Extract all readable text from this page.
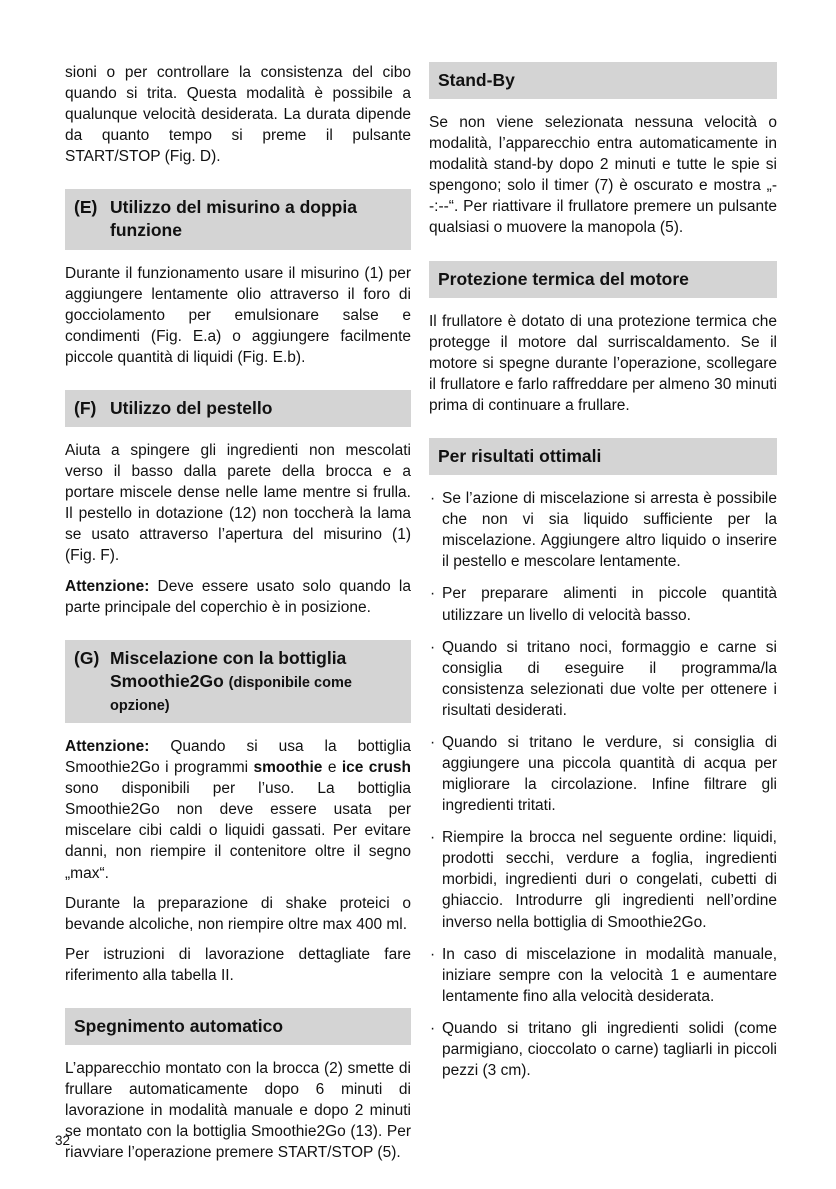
sioni o per controllare la consistenza del cibo quando si trita. Questa modalità è possibile a qualunque velocità desiderata. La durata dipende da quanto tempo si preme il pulsante START/STOP (Fig. D).

(E) Utilizzo del misurino a doppia funzione

Durante il funzionamento usare il misurino (1) per aggiungere lentamente olio attraverso il foro di gocciolamento per emulsionare salse e condimenti (Fig. E.a) o aggiungere facilmente piccole quantità di liquidi (Fig. E.b).

(F) Utilizzo del pestello

Aiuta a spingere gli ingredienti non mescolati verso il basso dalla parete della brocca e a portare miscele dense nelle lame mentre si frulla. Il pestello in dotazione (12) non toccherà la lama se usato attraverso l’apertura del misurino (1) (Fig. F).

Attenzione: Deve essere usato solo quando la parte principale del coperchio è in posizione.

(G) Miscelazione con la bottiglia Smoothie2Go (disponibile come opzione)

Attenzione: Quando si usa la bottiglia Smoothie2Go i programmi smoothie e ice crush sono disponibili per l’uso. La bottiglia Smoothie2Go non deve essere usata per miscelare cibi caldi o liquidi gassati. Per evitare danni, non riempire il contenitore oltre il segno „max“.

Durante la preparazione di shake proteici o bevande alcoliche, non riempire oltre max 400 ml.

Per istruzioni di lavorazione dettagliate fare riferimento alla tabella II.

Spegnimento automatico

L’apparecchio montato con la brocca (2) smette di frullare automaticamente dopo 6 minuti di lavorazione in modalità manuale e dopo 2 minuti se montato con la bottiglia Smoothie2Go (13). Per riavviare l’operazione premere START/STOP (5).

Stand-By

Se non viene selezionata nessuna velocità o modalità, l’apparecchio entra automaticamente in modalità stand-by dopo 2 minuti e tutte le spie si spengono; solo il timer (7) è oscurato e mostra „--:--“. Per riattivare il frullatore premere un pulsante qualsiasi o muovere la manopola (5).

Protezione termica del motore

Il frullatore è dotato di una protezione termica che protegge il motore dal surriscaldamento. Se il motore si spegne durante l’operazione, scollegare il frullatore e farlo raffreddare per almeno 30 minuti prima di continuare a frullare.

Per risultati ottimali
· Se l’azione di miscelazione si arresta è possibile che non vi sia liquido sufficiente per la miscelazione. Aggiungere altro liquido o inserire il pestello e mescolare lentamente.
· Per preparare alimenti in piccole quantità utilizzare un livello di velocità basso.
· Quando si tritano noci, formaggio e carne si consiglia di eseguire il programma/la consistenza selezionati due volte per ottenere i risultati desiderati.
· Quando si tritano le verdure, si consiglia di aggiungere una piccola quantità di acqua per migliorare la circolazione. Infine filtrare gli ingredienti tritati.
· Riempire la brocca nel seguente ordine: liquidi, prodotti secchi, verdure a foglia, ingredienti morbidi, ingredienti duri o congelati, cubetti di ghiaccio. Introdurre gli ingredienti nell’ordine inverso nella bottiglia di Smoothie2Go.
· In caso di miscelazione in modalità manuale, iniziare sempre con la velocità 1 e aumentare lentamente fino alla velocità desiderata.
· Quando si tritano gli ingredienti solidi (come parmigiano, cioccolato o carne) tagliarli in piccoli pezzi (3 cm).
32
